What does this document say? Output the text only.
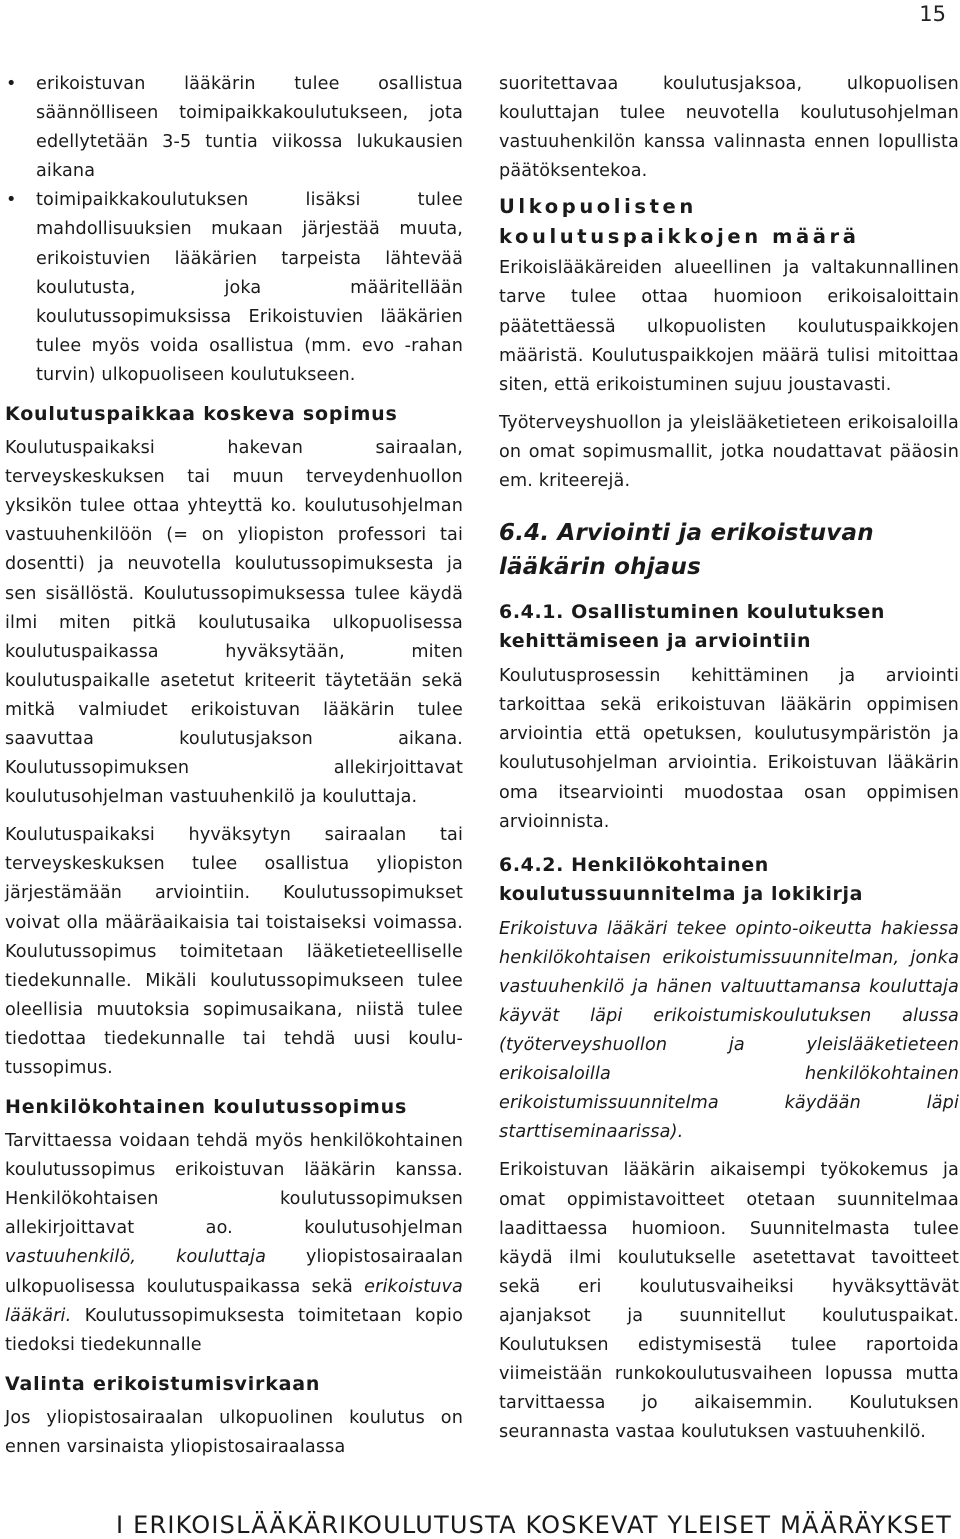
15
• erikoistuvan lääkärin tulee osallistua säännölliseen toimipaikkakoulutukseen, jota edellytetään 3-5 tuntia viikossa lukukausien aikana
• toimipaikkakoulutuksen lisäksi tulee mahdollisuuksien mukaan järjestää muuta, erikoistuvien lääkärien tarpeista lähtevää koulutusta, joka määritellään koulutussopimuksissa Erikoistuvien lääkärien tulee myös voida osallistua (mm. evo -rahan turvin) ulkopuoliseen koulutukseen.
Koulutuspaikkaa koskeva sopimus

Koulutuspaikaksi hakevan sairaalan, terveyskeskuksen tai muun terveydenhuollon yksikön tulee ottaa yhteyttä ko. koulutusohjelman vastuuhenkilöön (= on yliopiston professori tai dosentti) ja neuvotella koulutussopimuksesta ja sen sisällöstä. Koulutussopimuksessa tulee käydä ilmi miten pitkä koulutusaika ulkopuolisessa koulutuspaikassa hyväksytään, miten koulutuspaikalle asetetut kriteerit täytetään sekä mitkä valmiudet erikoistuvan lääkärin tulee saavuttaa koulutusjakson aikana. Koulutussopimuksen allekirjoittavat koulutusohjelman vastuuhenkilö ja kouluttaja.

Koulutuspaikaksi hyväksytyn sairaalan tai terveyskeskuksen tulee osallistua yliopiston järjestämään arviointiin. Koulutussopimukset voivat olla määräaikaisia tai toistaiseksi voimassa. Koulutussopimus toimitetaan lääketieteelliselle tiedekunnalle. Mikäli koulutussopimukseen tulee oleellisia muutoksia sopimusaikana, niistä tulee tiedottaa tiedekunnalle tai tehdä uusi koulu-tussopimus.

Henkilökohtainen koulutussopimus

Tarvittaessa voidaan tehdä myös henkilökohtainen koulutussopimus erikoistuvan lääkärin kanssa. Henkilökohtaisen koulutussopimuksen allekirjoittavat ao. koulutusohjelman vastuuhenkilö, kouluttaja yliopistosairaalan ulkopuolisessa koulutuspaikassa sekä erikoistuva lääkäri. Koulutussopimuksesta toimitetaan kopio tiedoksi tiedekunnalle

Valinta erikoistumisvirkaan

Jos yliopistosairaalan ulkopuolinen koulutus on ennen varsinaista yliopistosairaalassa

suoritettavaa koulutusjaksoa, ulkopuolisen kouluttajan tulee neuvotella koulutusohjelman vastuuhenkilön kanssa valinnasta ennen lopullista päätöksentekoa.

Ulkopuolisten koulutuspaikkojen määrä

Erikoislääkäreiden alueellinen ja valtakunnallinen tarve tulee ottaa huomioon erikoisaloittain päätettäessä ulkopuolisten koulutuspaikkojen määristä. Koulutuspaikkojen määrä tulisi mitoittaa siten, että erikoistuminen sujuu joustavasti.

Työterveyshuollon ja yleislääketieteen erikoisaloilla on omat sopimusmallit, jotka noudattavat pääosin em. kriteerejä.

6.4. Arviointi ja erikoistuvan lääkärin ohjaus
6.4.1. Osallistuminen koulutuksen kehittämiseen ja arviointiin

Koulutusprosessin kehittäminen ja arviointi tarkoittaa sekä erikoistuvan lääkärin oppimisen arviointia että opetuksen, koulutusympäristön ja koulutusohjelman arviointia. Erikoistuvan lääkärin oma itsearviointi muodostaa osan oppimisen arvioinnista.

6.4.2. Henkilökohtainen koulutussuunnitelma ja lokikirja

Erikoistuva lääkäri tekee opinto-oikeutta hakiessa henkilökohtaisen erikoistumissuunnitelman, jonka vastuuhenkilö ja hänen valtuuttamansa kouluttaja käyvät läpi erikoistumiskoulutuksen alussa (työterveyshuollon ja yleislääketieteen erikoisaloilla henkilökohtainen erikoistumissuunnitelma käydään läpi starttiseminaarissa).

Erikoistuvan lääkärin aikaisempi työkokemus ja omat oppimistavoitteet otetaan suunnitelmaa laadittaessa huomioon. Suunnitelmasta tulee käydä ilmi koulutukselle asetettavat tavoitteet sekä eri koulutusvaiheiksi hyväksyttävät ajanjaksot ja suunnitellut koulutuspaikat. Koulutuksen edistymisestä tulee raportoida viimeistään runkokoulutusvaiheen lopussa mutta tarvittaessa jo aikaisemmin. Koulutuksen seurannasta vastaa koulutuksen vastuuhenkilö.

I ERIKOISLÄÄKÄRIKOULUTUSTA KOSKEVAT YLEISET MÄÄRÄYKSET
